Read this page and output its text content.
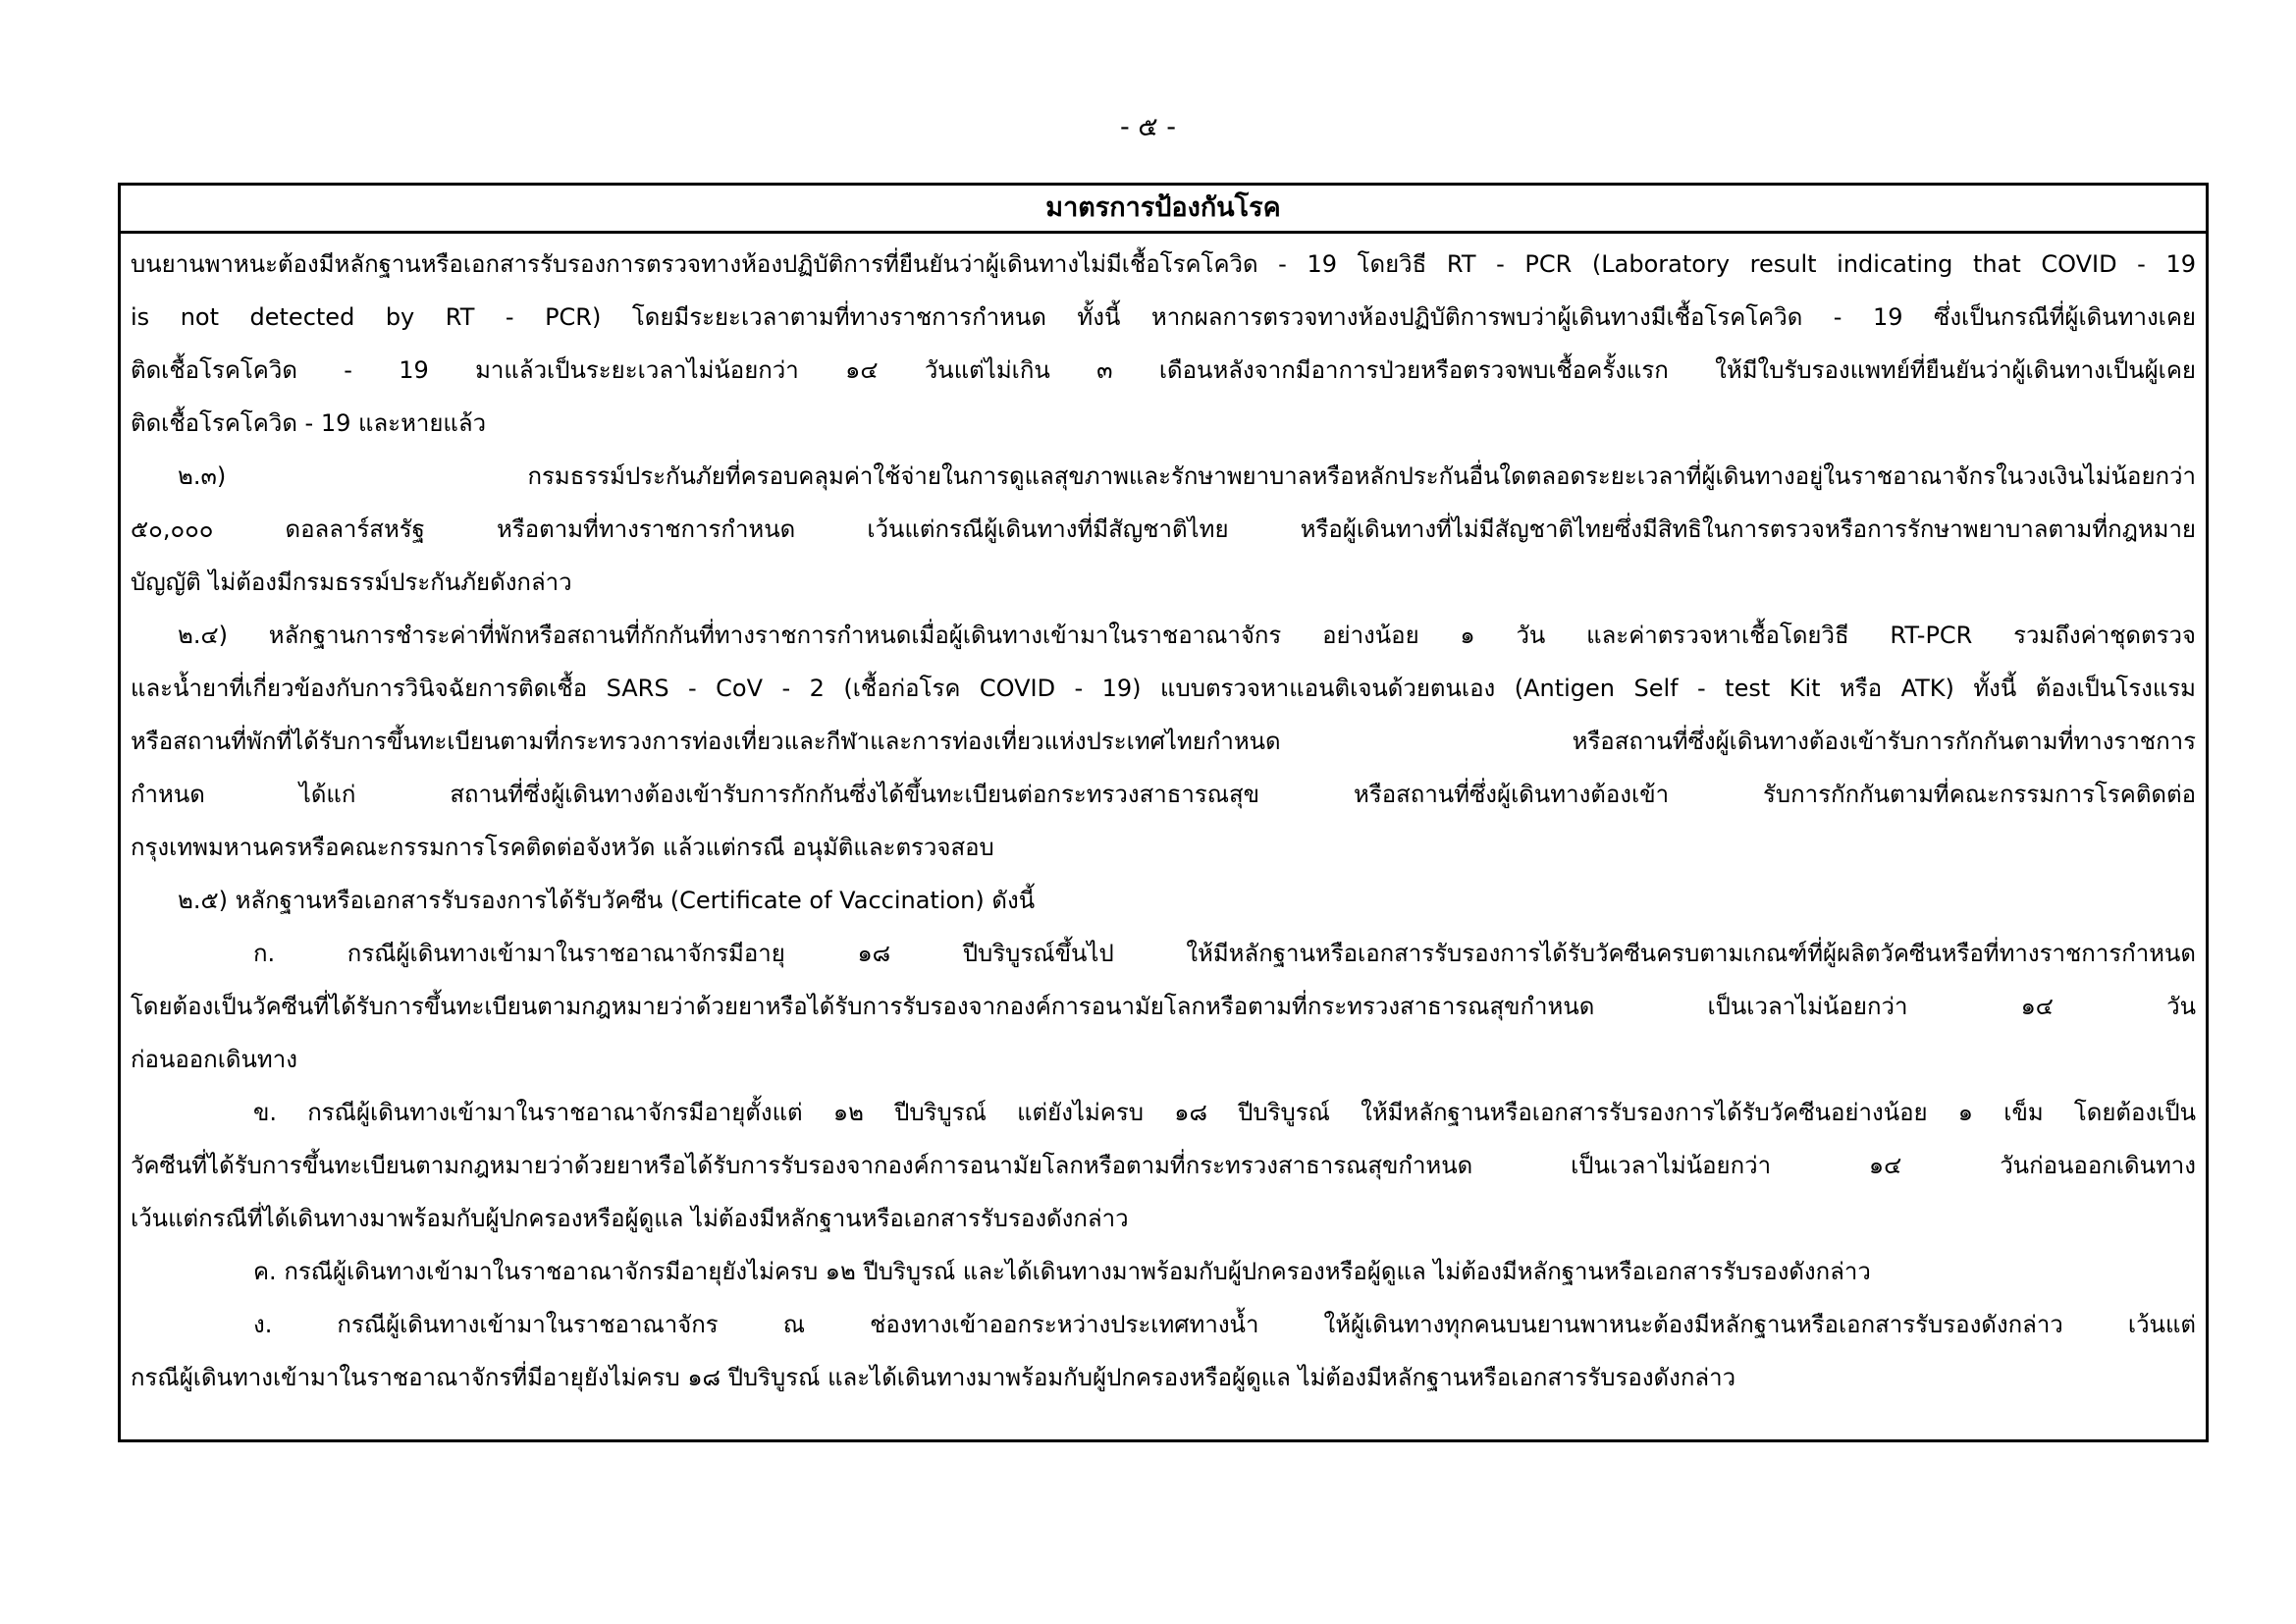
- ๕ -
มาตรการป้องกันโรค
บนยานพาหนะต้องมีหลักฐานหรือเอกสารรับรองการตรวจทางห้องปฏิบัติการที่ยืนยันว่าผู้เดินทางไม่มีเชื้อโรคโควิด - 19 โดยวิธี RT - PCR (Laboratory result indicating that COVID - 19
is not detected by RT - PCR) โดยมีระยะเวลาตามที่ทางราชการกำหนด ทั้งนี้ หากผลการตรวจทางห้องปฏิบัติการพบว่าผู้เดินทางมีเชื้อโรคโควิด - 19 ซึ่งเป็นกรณีที่ผู้เดินทางเคย
ติดเชื้อโรคโควิด - 19 มาแล้วเป็นระยะเวลาไม่น้อยกว่า ๑๔ วันแต่ไม่เกิน ๓ เดือนหลังจากมีอาการป่วยหรือตรวจพบเชื้อครั้งแรก ให้มีใบรับรองแพทย์ที่ยืนยันว่าผู้เดินทางเป็นผู้เคย
ติดเชื้อโรคโควิด - 19 และหายแล้ว
๒.๓) กรมธรรม์ประกันภัยที่ครอบคลุมค่าใช้จ่ายในการดูแลสุขภาพและรักษาพยาบาลหรือหลักประกันอื่นใดตลอดระยะเวลาที่ผู้เดินทางอยู่ในราชอาณาจักรในวงเงินไม่น้อยกว่า
๕๐,๐๐๐ ดอลลาร์สหรัฐ หรือตามที่ทางราชการกำหนด เว้นแต่กรณีผู้เดินทางที่มีสัญชาติไทย หรือผู้เดินทางที่ไม่มีสัญชาติไทยซึ่งมีสิทธิในการตรวจหรือการรักษาพยาบาลตามที่กฎหมาย
บัญญัติ ไม่ต้องมีกรมธรรม์ประกันภัยดังกล่าว
๒.๔) หลักฐานการชำระค่าที่พักหรือสถานที่กักกันที่ทางราชการกำหนดเมื่อผู้เดินทางเข้ามาในราชอาณาจักร อย่างน้อย ๑ วัน และค่าตรวจหาเชื้อโดยวิธี RT-PCR รวมถึงค่าชุดตรวจ
และน้ำยาที่เกี่ยวข้องกับการวินิจฉัยการติดเชื้อ SARS - CoV - 2 (เชื้อก่อโรค COVID - 19) แบบตรวจหาแอนติเจนด้วยตนเอง (Antigen Self - test Kit หรือ ATK) ทั้งนี้ ต้องเป็นโรงแรม
หรือสถานที่พักที่ได้รับการขึ้นทะเบียนตามที่กระทรวงการท่องเที่ยวและกีฬาและการท่องเที่ยวแห่งประเทศไทยกำหนด หรือสถานที่ซึ่งผู้เดินทางต้องเข้ารับการกักกันตามที่ทางราชการ
กำหนด ได้แก่ สถานที่ซึ่งผู้เดินทางต้องเข้ารับการกักกันซึ่งได้ขึ้นทะเบียนต่อกระทรวงสาธารณสุข หรือสถานที่ซึ่งผู้เดินทางต้องเข้า รับการกักกันตามที่คณะกรรมการโรคติดต่อ
กรุงเทพมหานครหรือคณะกรรมการโรคติดต่อจังหวัด แล้วแต่กรณี อนุมัติและตรวจสอบ
๒.๕) หลักฐานหรือเอกสารรับรองการได้รับวัคซีน (Certificate of Vaccination) ดังนี้
ก. กรณีผู้เดินทางเข้ามาในราชอาณาจักรมีอายุ ๑๘ ปีบริบูรณ์ขึ้นไป ให้มีหลักฐานหรือเอกสารรับรองการได้รับวัคซีนครบตามเกณฑ์ที่ผู้ผลิตวัคซีนหรือที่ทางราชการกำหนด
โดยต้องเป็นวัคซีนที่ได้รับการขึ้นทะเบียนตามกฎหมายว่าด้วยยาหรือได้รับการรับรองจากองค์การอนามัยโลกหรือตามที่กระทรวงสาธารณสุขกำหนด เป็นเวลาไม่น้อยกว่า ๑๔ วัน
ก่อนออกเดินทาง
ข. กรณีผู้เดินทางเข้ามาในราชอาณาจักรมีอายุตั้งแต่ ๑๒ ปีบริบูรณ์ แต่ยังไม่ครบ ๑๘ ปีบริบูรณ์ ให้มีหลักฐานหรือเอกสารรับรองการได้รับวัคซีนอย่างน้อย ๑ เข็ม โดยต้องเป็น
วัคซีนที่ได้รับการขึ้นทะเบียนตามกฎหมายว่าด้วยยาหรือได้รับการรับรองจากองค์การอนามัยโลกหรือตามที่กระทรวงสาธารณสุขกำหนด เป็นเวลาไม่น้อยกว่า ๑๔ วันก่อนออกเดินทาง
เว้นแต่กรณีที่ได้เดินทางมาพร้อมกับผู้ปกครองหรือผู้ดูแล ไม่ต้องมีหลักฐานหรือเอกสารรับรองดังกล่าว
ค. กรณีผู้เดินทางเข้ามาในราชอาณาจักรมีอายุยังไม่ครบ ๑๒ ปีบริบูรณ์ และได้เดินทางมาพร้อมกับผู้ปกครองหรือผู้ดูแล ไม่ต้องมีหลักฐานหรือเอกสารรับรองดังกล่าว
ง. กรณีผู้เดินทางเข้ามาในราชอาณาจักร ณ ช่องทางเข้าออกระหว่างประเทศทางน้ำ ให้ผู้เดินทางทุกคนบนยานพาหนะต้องมีหลักฐานหรือเอกสารรับรองดังกล่าว เว้นแต่
กรณีผู้เดินทางเข้ามาในราชอาณาจักรที่มีอายุยังไม่ครบ ๑๘ ปีบริบูรณ์ และได้เดินทางมาพร้อมกับผู้ปกครองหรือผู้ดูแล ไม่ต้องมีหลักฐานหรือเอกสารรับรองดังกล่าว
